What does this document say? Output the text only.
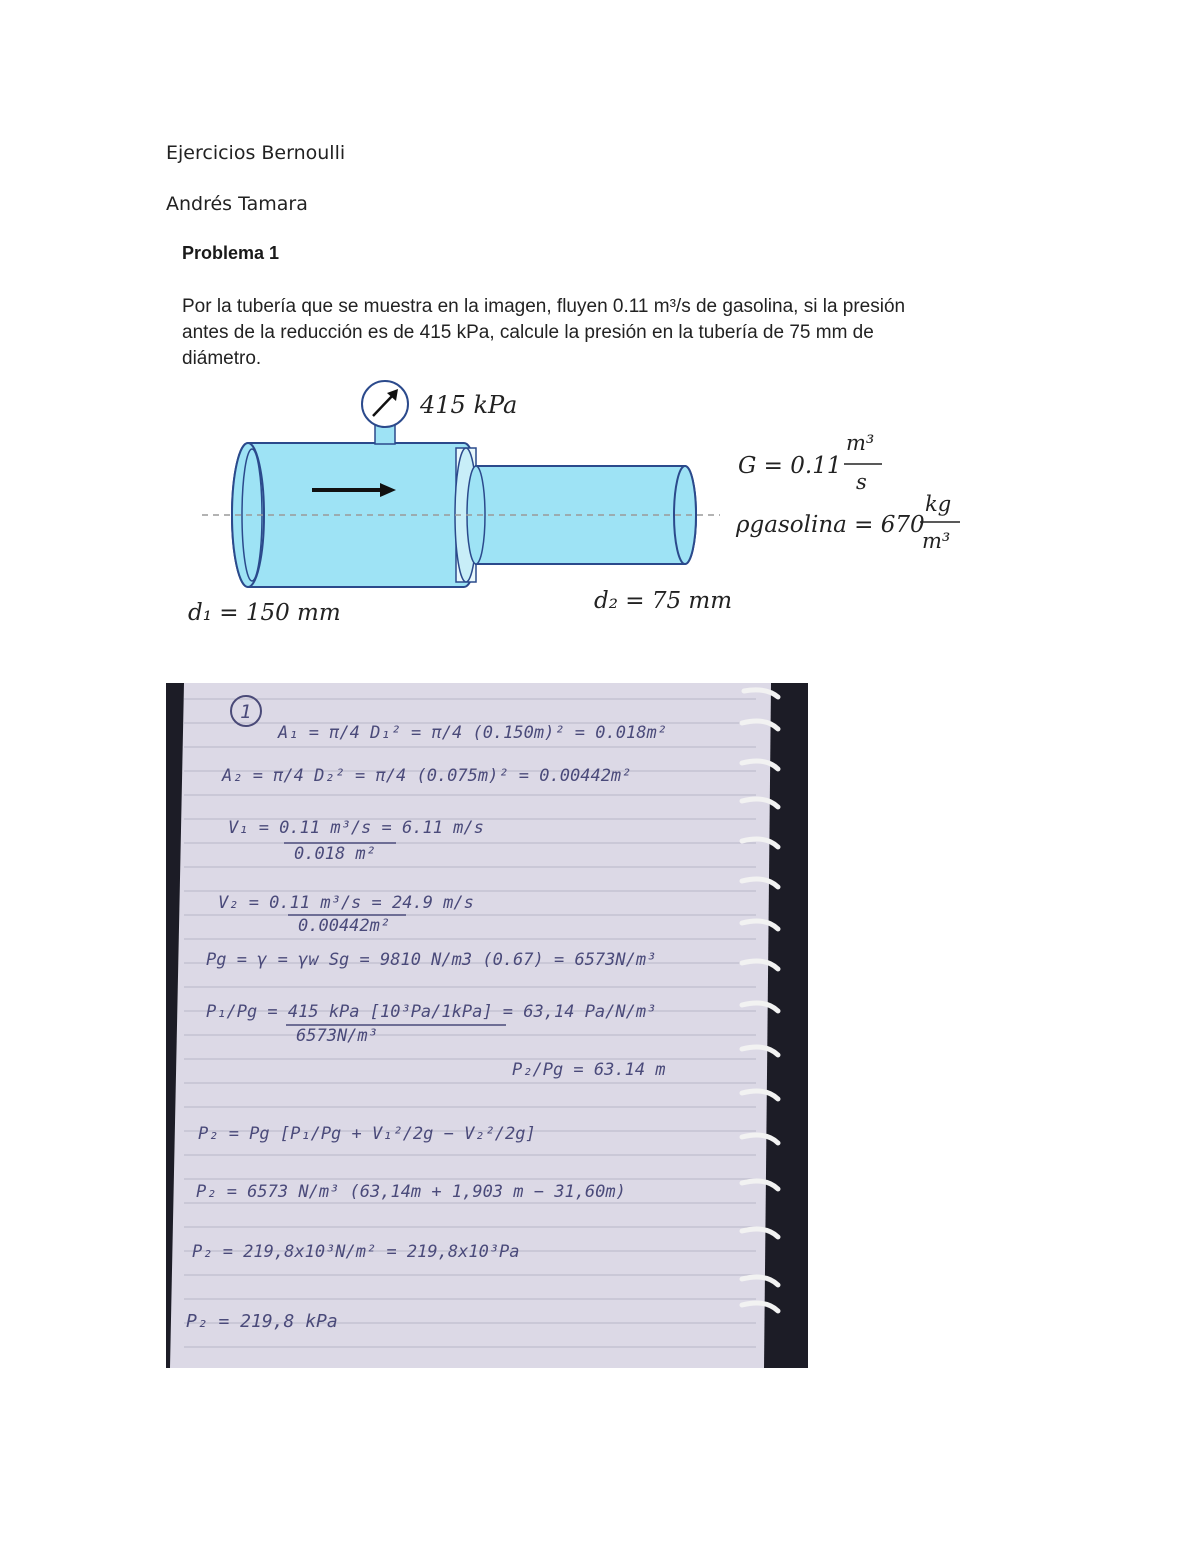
Ejercicios Bernoulli
Andrés Tamara
Problema 1
Por la tubería que se muestra en la imagen, fluyen 0.11 m³/s de gasolina, si la presión
antes de la reducción es de 415 kPa, calcule la presión en la tubería de 75 mm de
diámetro.
415 kPa
d₁ = 150 mm	d₂ = 75 mm
G = 0.11
m³
s
ρgasolina = 670
kg
m³
1
A₁ = π/4 D₁² = π/4 (0.150m)² = 0.018m²
A₂ = π/4 D₂² = π/4 (0.075m)² = 0.00442m²
V₁ = 0.11 m³/s = 6.11 m/s
0.018 m²
V₂ = 0.11 m³/s = 24.9 m/s
0.00442m²
Pg = γ = γw Sg = 9810 N/m3 (0.67) = 6573N/m³
P₁/Pg = 415 kPa [10³Pa/1kPa] = 63,14 Pa/N/m³
6573N/m³
P₂/Pg = 63.14 m
P₂ = Pg [P₁/Pg + V₁²/2g − V₂²/2g]
P₂ = 6573 N/m³ (63,14m + 1,903 m − 31,60m)
P₂ = 219,8x10³N/m² = 219,8x10³Pa
P₂ = 219,8 kPa
